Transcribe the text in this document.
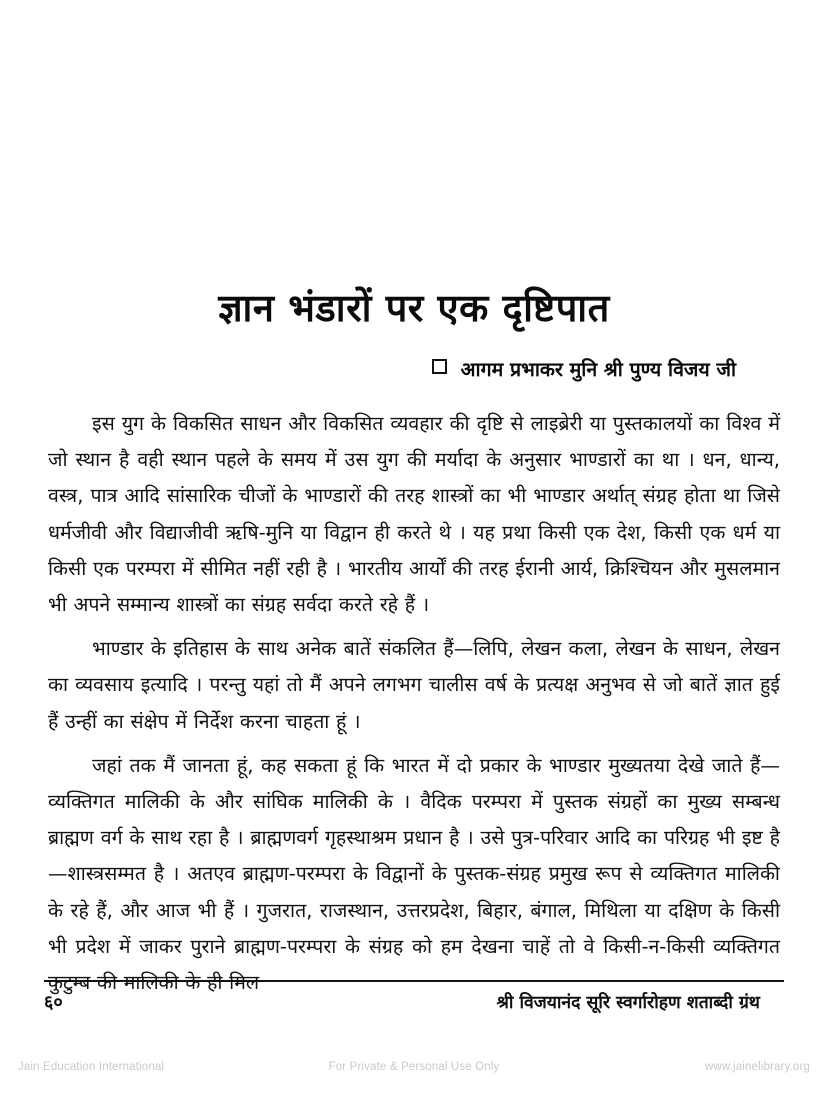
ज्ञान भंडारों पर एक दृष्टिपात
आगम प्रभाकर मुनि श्री पुण्य विजय जी

इस युग के विकसित साधन और विकसित व्यवहार की दृष्टि से लाइब्रेरी या पुस्तकालयों का विश्व में जो स्थान है वही स्थान पहले के समय में उस युग की मर्यादा के अनुसार भाण्डारों का था । धन, धान्य, वस्त्र, पात्र आदि सांसारिक चीजों के भाण्डारों की तरह शास्त्रों का भी भाण्डार अर्थात् संग्रह होता था जिसे धर्मजीवी और विद्याजीवी ऋषि-मुनि या विद्वान ही करते थे । यह प्रथा किसी एक देश, किसी एक धर्म या किसी एक परम्परा में सीमित नहीं रही है । भारतीय आर्यों की तरह ईरानी आर्य, क्रिश्चियन और मुसलमान भी अपने सम्मान्य शास्त्रों का संग्रह सर्वदा करते रहे हैं ।

भाण्डार के इतिहास के साथ अनेक बातें संकलित हैं—लिपि, लेखन कला, लेखन के साधन, लेखन का व्यवसाय इत्यादि । परन्तु यहां तो मैं अपने लगभग चालीस वर्ष के प्रत्यक्ष अनुभव से जो बातें ज्ञात हुई हैं उन्हीं का संक्षेप में निर्देश करना चाहता हूं ।

जहां तक मैं जानता हूं, कह सकता हूं कि भारत में दो प्रकार के भाण्डार मुख्यतया देखे जाते हैं—व्यक्तिगत मालिकी के और सांघिक मालिकी के । वैदिक परम्परा में पुस्तक संग्रहों का मुख्य सम्बन्ध ब्राह्मण वर्ग के साथ रहा है । ब्राह्मणवर्ग गृहस्थाश्रम प्रधान है । उसे पुत्र-परिवार आदि का परिग्रह भी इष्ट है—शास्त्रसम्मत है । अतएव ब्राह्मण-परम्परा के विद्वानों के पुस्तक-संग्रह प्रमुख रूप से व्यक्तिगत मालिकी के रहे हैं, और आज भी हैं । गुजरात, राजस्थान, उत्तरप्रदेश, बिहार, बंगाल, मिथिला या दक्षिण के किसी भी प्रदेश में जाकर पुराने ब्राह्मण-परम्परा के संग्रह को हम देखना चाहें तो वे किसी-न-किसी व्यक्तिगत कुटुम्ब की मालिकी के ही मिल

६०	श्री विजयानंद सूरि स्वर्गारोहण शताब्दी ग्रंथ
Jain Education International	For Private & Personal Use Only	www.jainelibrary.org
